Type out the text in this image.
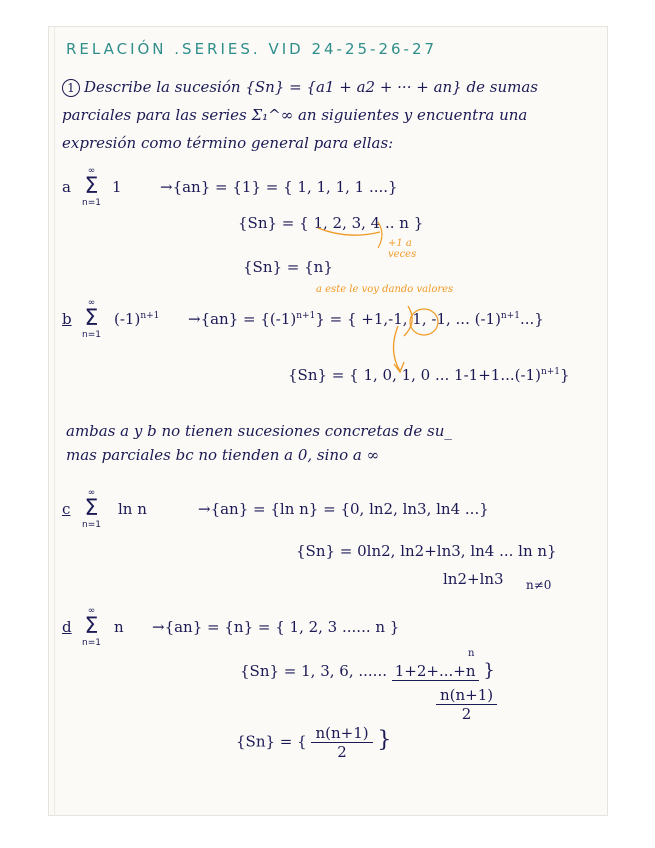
RELACIÓN .SERIES. VID 24-25-26-27
1 Describe la sucesión {Sn} = {a1 + a2 + ··· + an} de sumas
parciales para las series Σ₁^∞ an siguientes y encuentra una
expresión como término general para ellas:
a
∞
Σ
n=1
1	→{an} = {1} = { 1, 1, 1, 1 ....}
{Sn} = { 1, 2, 3, 4 .. n }
+1 a veces
{Sn} = {n}
a este le voy dando valores
b
∞
Σ
n=1
$(-1)^{n+1} \to\{an\} = \{(-1)^{n+1}\}$ = { +1,-1, 1, -1, ... $(-1)^{n+1}$...}
{Sn} = { 1, 0, 1, 0 ... $1-1+1...(-1)^{n+1}$}
ambas a y b no tienen sucesiones concretas de su_
mas parciales bc no tienden a 0, sino a ∞
c
∞
Σ
n=1
ln n	→{an} = {ln n} = {0, ln2, ln3, ln4 ...}
{Sn} = 0ln2, ln2+ln3, ln4 ... ln n}
ln2+ln3 n≠0
d
∞
Σ
n=1
n →{an} = {n} = { 1, 2, 3 ...... n }
{Sn} = 1, 3, 6, ...... 1+2+...+n }
n
$\frac{n(n+1)}{2}$
{Sn} = { $\frac{n(n+1)}{2}$ }
